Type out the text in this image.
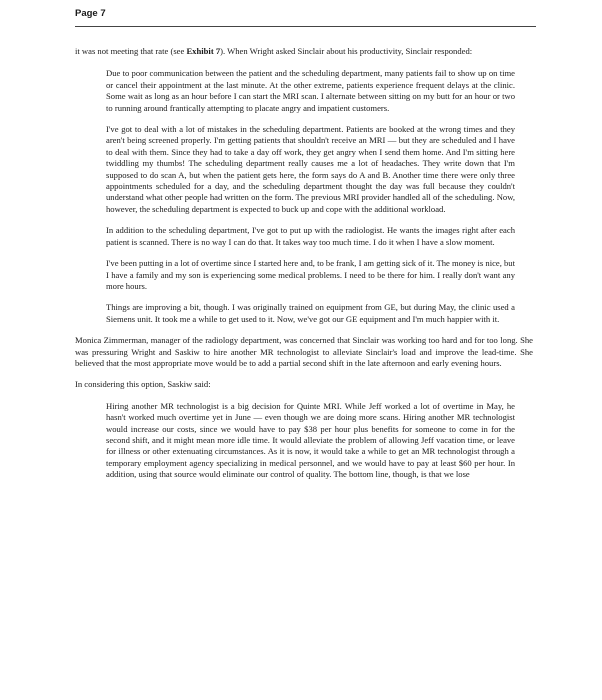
Page 7

it was not meeting that rate (see Exhibit 7). When Wright asked Sinclair about his productivity, Sinclair responded:

Due to poor communication between the patient and the scheduling department, many patients fail to show up on time or cancel their appointment at the last minute. At the other extreme, patients experience frequent delays at the clinic. Some wait as long as an hour before I can start the MRI scan. I alternate between sitting on my butt for an hour or two to running around frantically attempting to placate angry and impatient customers.

I've got to deal with a lot of mistakes in the scheduling department. Patients are booked at the wrong times and they aren't being screened properly. I'm getting patients that shouldn't receive an MRI — but they are scheduled and I have to deal with them. Since they had to take a day off work, they get angry when I send them home. And I'm sitting here twiddling my thumbs! The scheduling department really causes me a lot of headaches. They write down that I'm supposed to do scan A, but when the patient gets here, the form says do A and B. Another time there were only three appointments scheduled for a day, and the scheduling department thought the day was full because they couldn't understand what other people had written on the form. The previous MRI provider handled all of the scheduling. Now, however, the scheduling department is expected to buck up and cope with the additional workload.

In addition to the scheduling department, I've got to put up with the radiologist. He wants the images right after each patient is scanned. There is no way I can do that. It takes way too much time. I do it when I have a slow moment.

I've been putting in a lot of overtime since I started here and, to be frank, I am getting sick of it. The money is nice, but I have a family and my son is experiencing some medical problems. I need to be there for him. I really don't want any more hours.

Things are improving a bit, though. I was originally trained on equipment from GE, but during May, the clinic used a Siemens unit. It took me a while to get used to it. Now, we've got our GE equipment and I'm much happier with it.

Monica Zimmerman, manager of the radiology department, was concerned that Sinclair was working too hard and for too long. She was pressuring Wright and Saskiw to hire another MR technologist to alleviate Sinclair's load and improve the lead-time. She believed that the most appropriate move would be to add a partial second shift in the late afternoon and early evening hours.

In considering this option, Saskiw said:

Hiring another MR technologist is a big decision for Quinte MRI. While Jeff worked a lot of overtime in May, he hasn't worked much overtime yet in June — even though we are doing more scans. Hiring another MR technologist would increase our costs, since we would have to pay $38 per hour plus benefits for someone to come in for the second shift, and it might mean more idle time. It would alleviate the problem of allowing Jeff vacation time, or leave for illness or other extenuating circumstances. As it is now, it would take a while to get an MR technologist through a temporary employment agency specializing in medical personnel, and we would have to pay at least $60 per hour. In addition, using that source would eliminate our control of quality. The bottom line, though, is that we lose
